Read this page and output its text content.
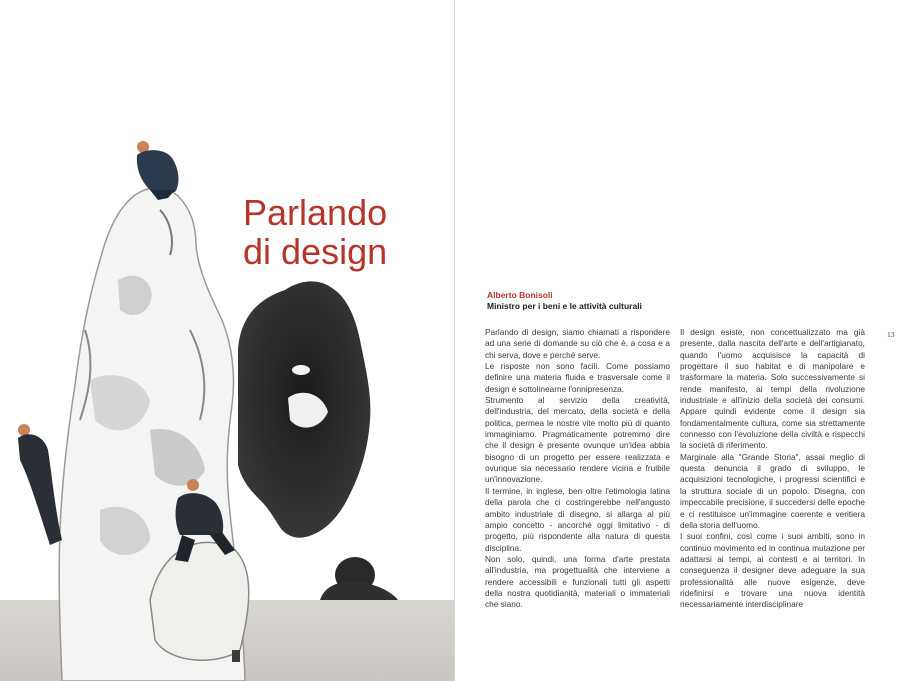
Parlando
di design
Alberto Bonisoli
Ministro per i beni e le attività culturali

Parlando di design, siamo chiamati a rispondere ad una serie di domande su ciò che è, a cosa e a chi serva, dove e perché serve.

Le risposte non sono facili. Come possiamo definire una materia fluida e trasversale come il design e sottolinearne l'onnipresenza.

Strumento al servizio della creatività, dell'industria, del mercato, della società e della politica, permea le nostre vite molto più di quanto immaginiamo. Pragmaticamente potremmo dire che il design è presente ovunque un'idea abbia bisogno di un progetto per essere realizzata e ovunque sia necessario rendere vicina e fruibile un'innovazione.

Il termine, in inglese, ben oltre l'etimologia latina della parola che ci costringerebbe nell'angusto ambito industriale di disegno, si allarga al più ampio concetto - ancorché oggi limitativo - di progetto, più rispondente alla natura di questa disciplina.

Non solo, quindi, una forma d'arte prestata all'industria, ma progettualità che interviene a rendere accessibili e funzionali tutti gli aspetti della nostra quotidianità, materiali o immateriali che siano.

Il design esiste, non concettualizzato ma già presente, dalla nascita dell'arte e dell'artigianato, quando l'uomo acquisisce la capacità di progettare il suo habitat e di manipolare e trasformare la materia. Solo successivamente si rende manifesto, ai tempi della rivoluzione industriale e all'inizio della società dei consumi. Appare quindi evidente come il design sia fondamentalmente cultura, come sia strettamente connesso con l'evoluzione della civiltà e rispecchi la società di riferimento.

Marginale alla "Grande Storia", assai meglio di questa denuncia il grado di sviluppo, le acquisizioni tecnologiche, i progressi scientifici e la struttura sociale di un popolo. Disegna, con impeccabile precisione, il succedersi delle epoche e ci restituisce un'immagine coerente e veritiera della storia dell'uomo.

I suoi confini, così come i suoi ambiti, sono in continuo movimento ed in continua mutazione per adattarsi ai tempi, ai contesti e ai territori. In conseguenza il designer deve adeguare la sua professionalità alle nuove esigenze, deve ridefinirsi e trovare una nuova identità necessariamente interdisciplinare

13
